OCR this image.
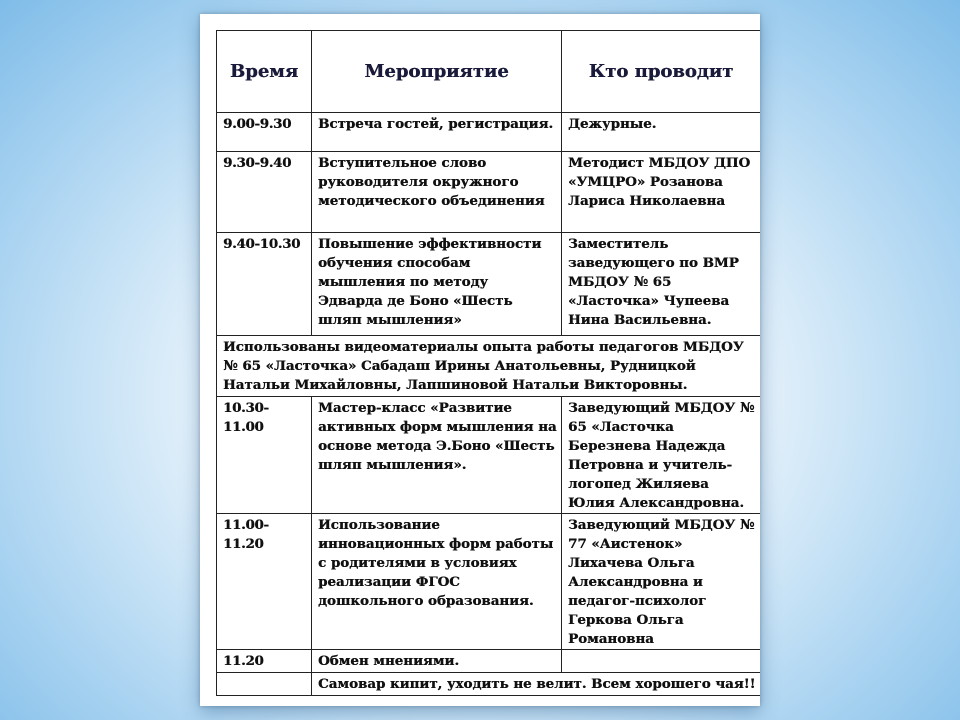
Время	Мероприятие	Кто проводит
9.00-9.30	Встреча гостей, регистрация.	Дежурные.
9.30-9.40	Вступительное слово руководителя окружного методического объединения	Методист МБДОУ ДПО «УМЦРО» Розанова Лариса Николаевна
9.40-10.30	Повышение эффективности обучения способам мышления по методу Эдварда де Боно «Шесть шляп мышления»	Заместитель заведующего по ВМР МБДОУ № 65 «Ласточка» Чупеева Нина Васильевна.
Использованы видеоматериалы опыта работы педагогов МБДОУ № 65 «Ласточка» Сабадаш Ирины Анатольевны, Рудницкой Натальи Михайловны, Лапшиновой Натальи Викторовны.		
10.30-11.00	Мастер-класс «Развитие активных форм мышления на основе метода Э.Боно «Шесть шляп мышления».	Заведующий МБДОУ № 65 «Ласточка Березнева Надежда Петровна и учитель-логопед Жиляева Юлия Александровна.
11.00-11.20	Использование инновационных форм работы с родителями в условиях реализации ФГОС дошкольного образования.	Заведующий МБДОУ № 77 «Аистенок» Лихачева Ольга Александровна и педагог-психолог Геркова Ольга Романовна
11.20	Обмен мнениями.	
	Самовар кипит, уходить не велит. Всем хорошего чая!!	
